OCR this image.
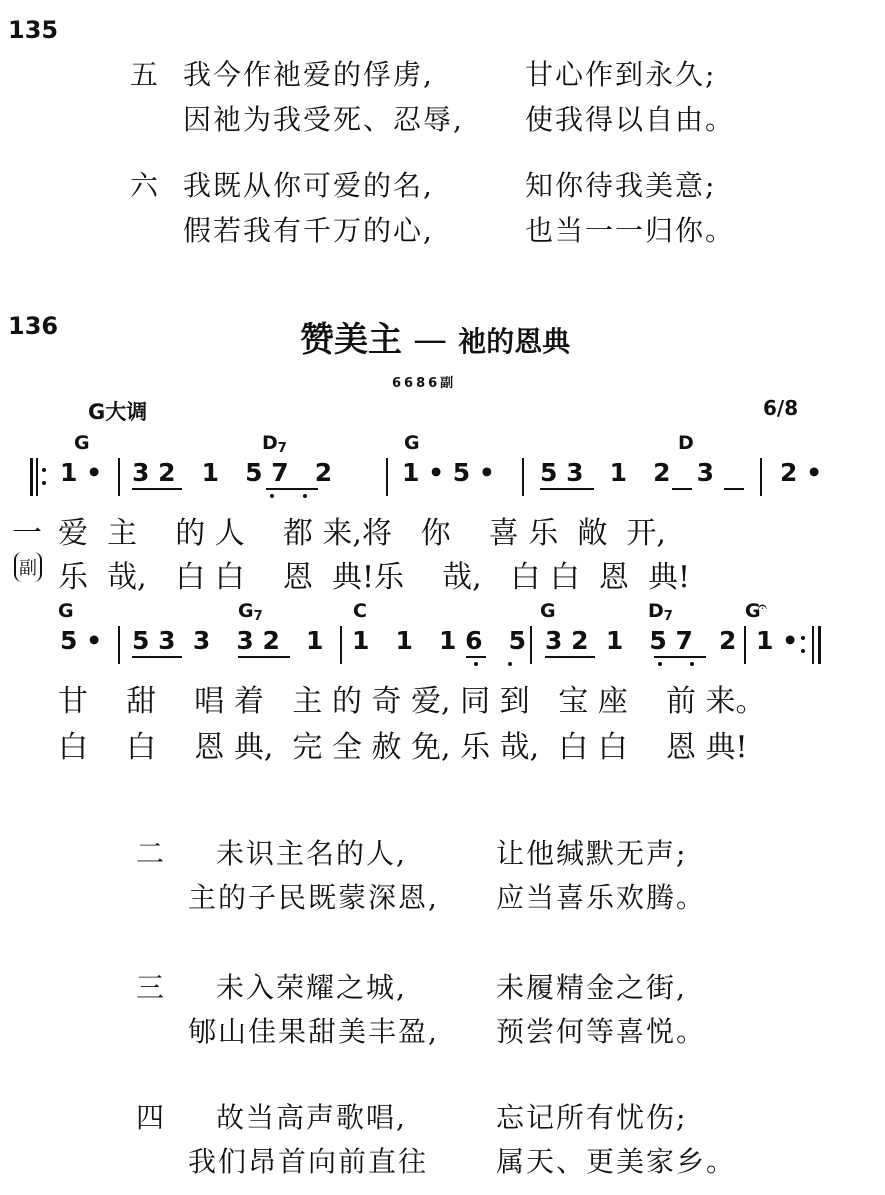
135
五 我今作祂爱的俘虏,	甘心作到永久;
因祂为我受死、忍辱, 使我得以自由。
六 我既从你可爱的名,	知你待我美意;
假若我有千万的心,	也当一一归你。
136	赞美主 — 祂的恩典
6686副
G大调	6/8
G	$D_7$	G	D
1 • 3 2   1   5 7   2	1 • 5 • 5 3   1   2   3	2 •
一 爱  主    的 人    都 来,将   你    喜 乐  敞  开,
副 乐  哉,   白 白    恩  典!乐    哉,   白 白  恩  典!
G	$G_7$	C	G	$D_7$	G
𝄐
5 • 5 3  3   3 2   1 1   1   1 6   5 3 2  1   5 7   2 1 •
甘    甜    唱 着   主 的 奇 爱, 同 到   宝 座    前 来。
白    白    恩 典,  完 全 赦 免, 乐 哉,  白 白    恩 典!
二 未识主名的人,	让他缄默无声;
主的子民既蒙深恩, 应当喜乐欢腾。
三 未入荣耀之城,	未履精金之街,
郇山佳果甜美丰盈, 预尝何等喜悦。
四 故当高声歌唱,	忘记所有忧伤;
我们昂首向前直往 属天、更美家乡。
